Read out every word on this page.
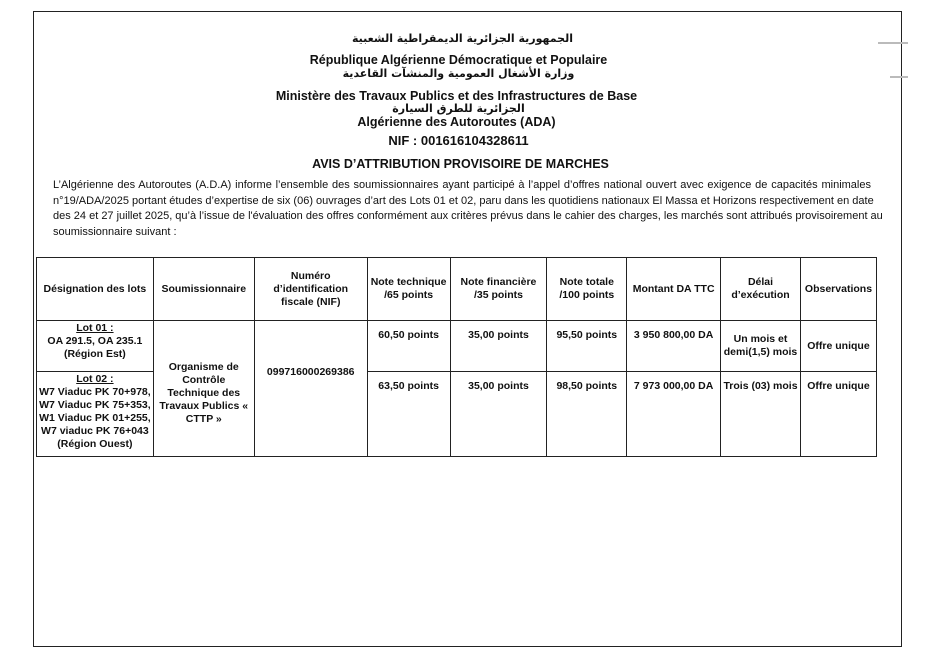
الجمهورية الجزائرية الديمقراطية الشعبية
République Algérienne Démocratique et Populaire
وزارة الأشغال العمومية والمنشآت القاعدية
Ministère des Travaux Publics et des Infrastructures de Base
الجزائرية للطرق السيارة
Algérienne des Autoroutes (ADA)
NIF : 001616104328611
AVIS D’ATTRIBUTION PROVISOIRE DE MARCHES
L’Algérienne des Autoroutes (A.D.A) informe l’ensemble des soumissionnaires ayant participé à l’appel d’offres national ouvert avec exigence de capacités minimales
n°19/ADA/2025 portant études d’expertise de six (06) ouvrages d’art des Lots 01 et 02, paru dans les quotidiens nationaux El Massa et Horizons respectivement en date
des 24 et 27 juillet 2025, qu’à l’issue de l'évaluation des offres conformément aux critères prévus dans le cahier des charges, les marchés sont attribués provisoirement au
soumissionnaire suivant :
Désignation des lots	Soumissionnaire	Numéro d’identification fiscale (NIF)	Note technique /65 points	Note financière /35 points	Note totale /100 points	Montant DA TTC	Délai d’exécution	Observations

Lot 01 :
OA 291.5, OA 235.1 (Région Est)	Organisme de Contrôle Technique des Travaux Publics « CTTP »	099716000269386	60,50 points	35,00 points	95,50 points	3 950 800,00 DA	Un mois et demi(1,5) mois	Offre unique

Lot 02 :
W7 Viaduc PK 70+978, W7 Viaduc PK 75+353, W1 Viaduc PK 01+255, W7 viaduc PK 76+043 (Région Ouest)			63,50 points	35,00 points	98,50 points	7 973 000,00 DA	Trois (03) mois	Offre unique
